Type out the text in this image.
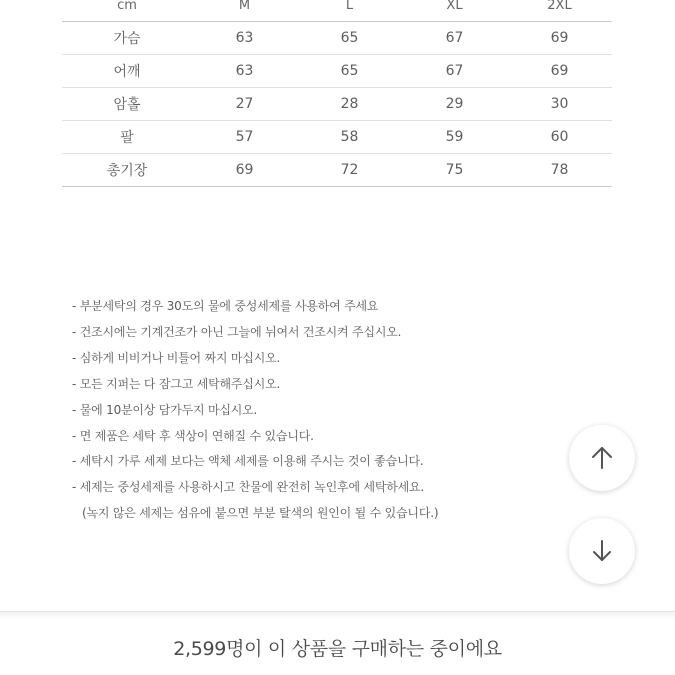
cm	M	L	XL	2XL
가슴	63	65	67	69
어깨	63	65	67	69
암홀	27	28	29	30
팔	57	58	59	60
총기장	69	72	75	78
- 부분세탁의 경우 30도의 물에 중성세제를 사용하여 주세요
- 건조시에는 기계건조가 아닌 그늘에 뉘여서 건조시켜 주십시오.
- 심하게 비비거나 비틀어 짜지 마십시오.
- 모든 지퍼는 다 잠그고 세탁해주십시오.
- 물에 10분이상 담가두지 마십시오.
- 면 제품은 세탁 후 색상이 연해질 수 있습니다.
- 세탁시 가루 세제 보다는 액체 세제를 이용해 주시는 것이 좋습니다.
- 세제는 중성세제를 사용하시고 찬물에 완전히 녹인후에 세탁하세요.
(녹지 않은 세제는 섬유에 붙으면 부분 탈색의 원인이 될 수 있습니다.)
2,599명이 이 상품을 구매하는 중이에요
